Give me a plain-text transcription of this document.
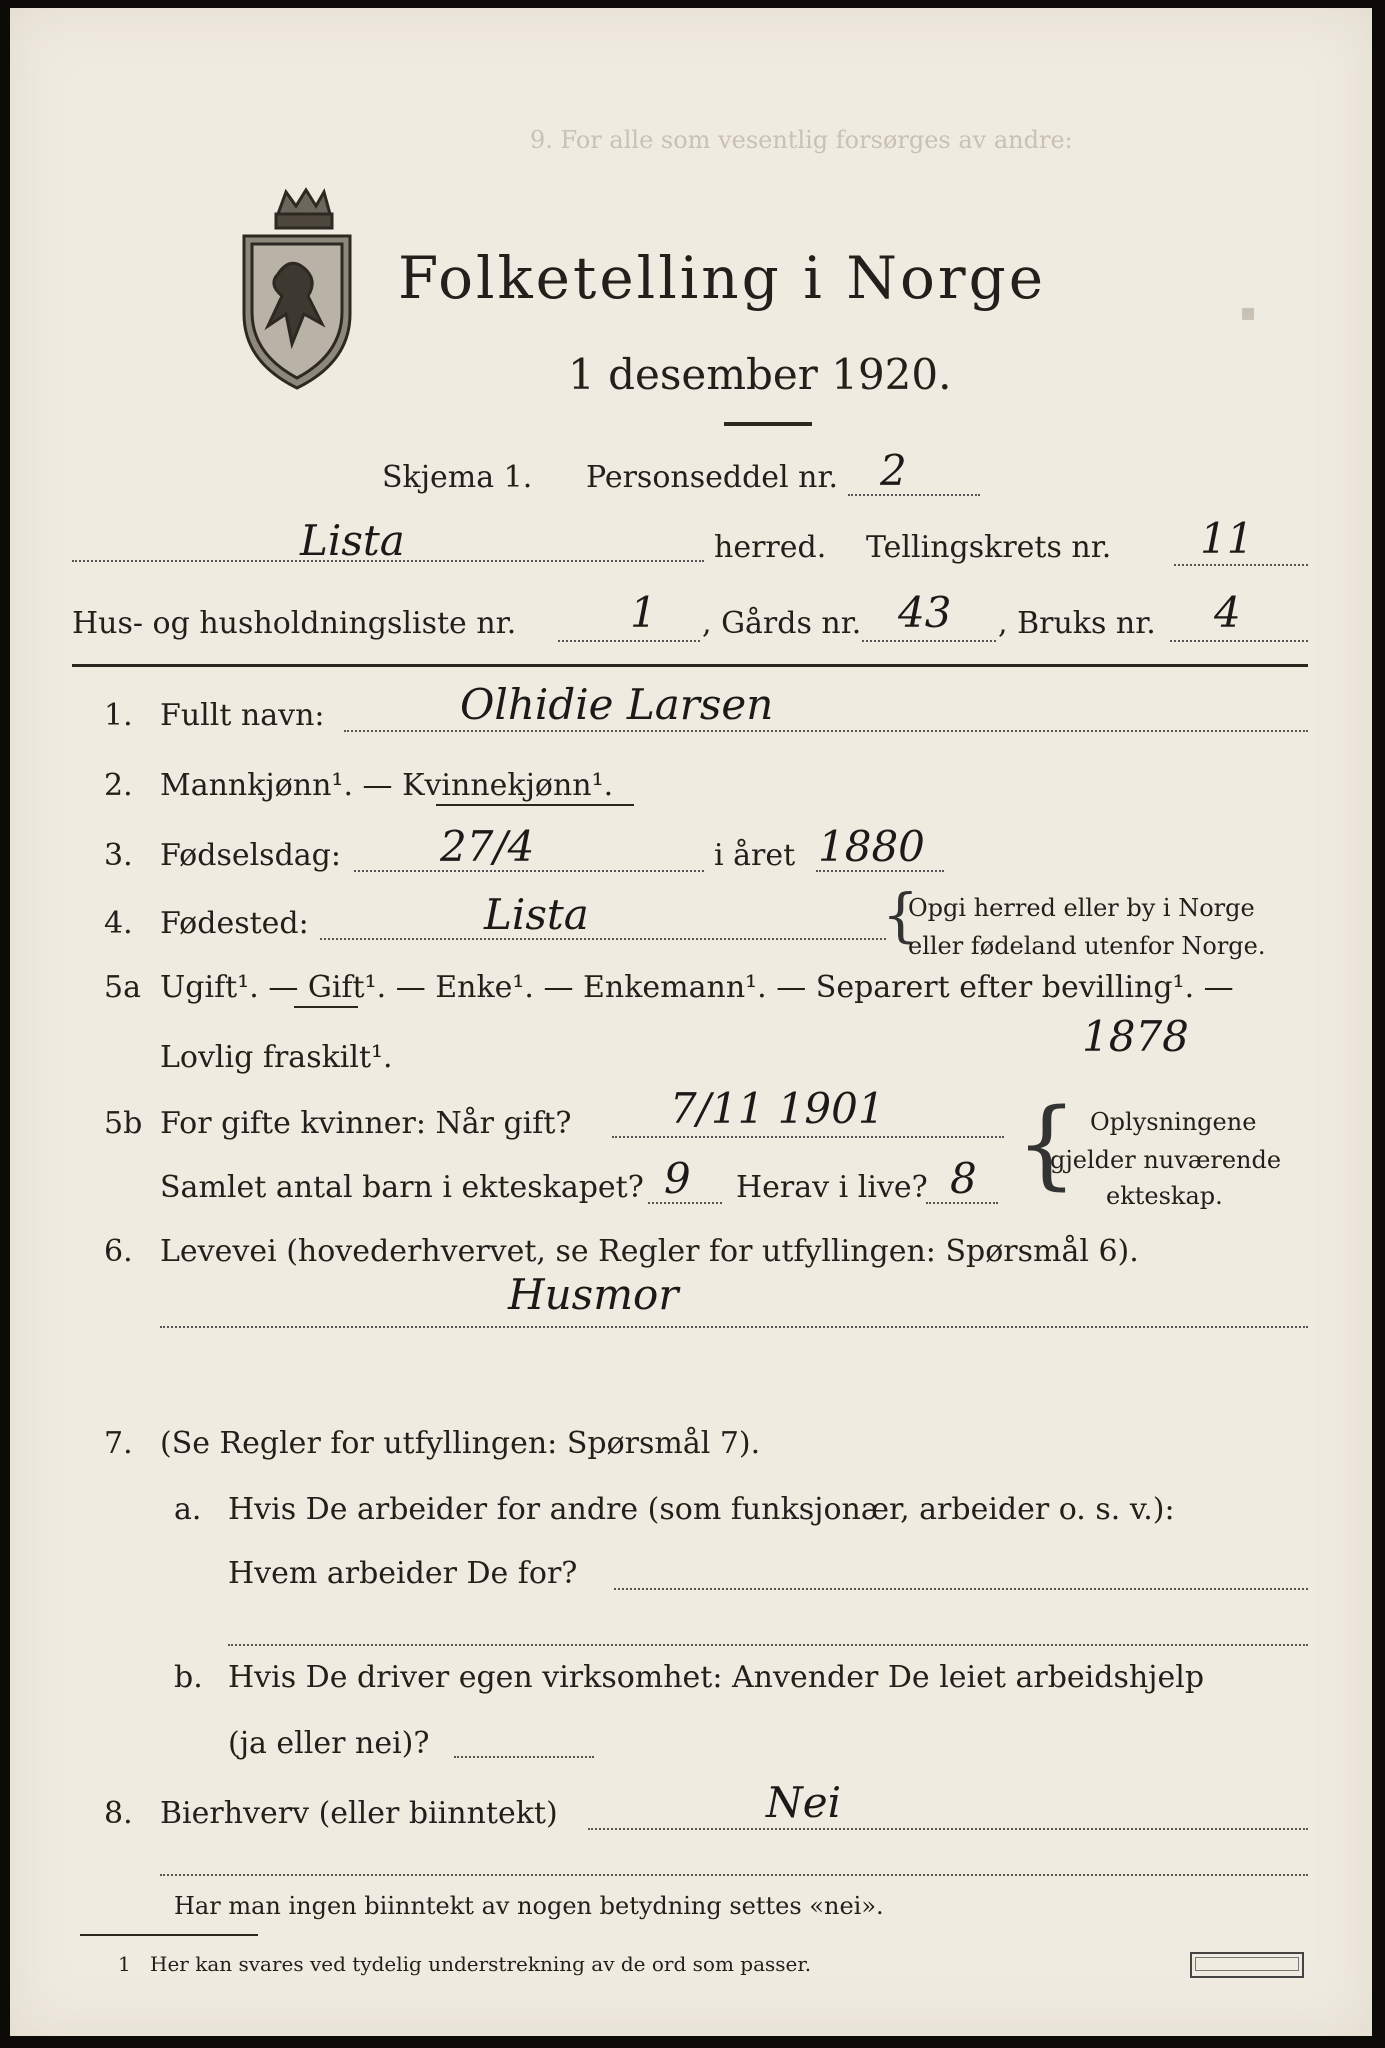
9. For alle som vesentlig forsørges av andre:
▪
Folketelling i Norge
1 desember 1920.
Skjema 1. Personseddel nr. 2
Lista	herred. Tellingskrets nr. 11
Hus- og husholdningsliste nr.	1 , Gårds nr. 43 , Bruks nr. 4
1. Fullt navn:	Olhidie Larsen
2. Mannkjønn¹. — Kvinnekjønn¹.
3. Fødselsdag: 27/4	i året 1880
4. Fødested:	Lista	{
Opgi herred eller by i Norge
eller fødeland utenfor Norge.
5a Ugift¹. — Gift¹. — Enke¹. — Enkemann¹. — Separert efter bevilling¹. —
Lovlig fraskilt¹.	1878
5b For gifte kvinner: Når gift? 7/11 1901
Samlet antal barn i ekteskapet? 9 Herav i live? 8 { Oplysningene
gjelder nuværende
ekteskap.
6. Levevei (hovederhvervet, se Regler for utfyllingen: Spørsmål 6).
Husmor
7. (Se Regler for utfyllingen: Spørsmål 7).
a. Hvis De arbeider for andre (som funksjonær, arbeider o. s. v.):
Hvem arbeider De for?
b. Hvis De driver egen virksomhet: Anvender De leiet arbeidshjelp
(ja eller nei)?
8. Bierhverv (eller biinntekt)	Nei
Har man ingen biinntekt av nogen betydning settes «nei».
1 Her kan svares ved tydelig understrekning av de ord som passer.
